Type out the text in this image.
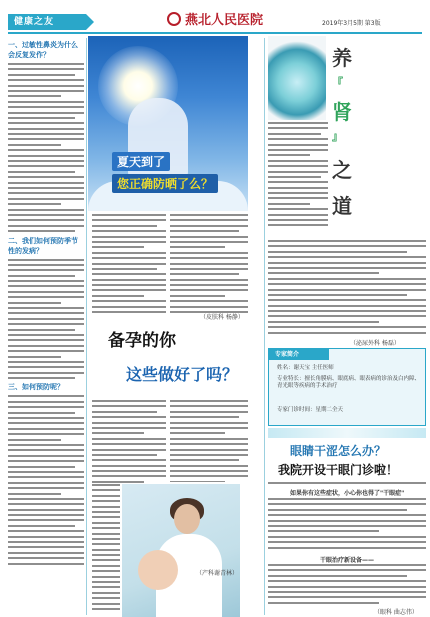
健康之友	燕北人民医院	2019年3月5期 第3版
一、过敏性鼻炎为什么会反复发作？
二、我们如何预防季节性的发病？
三、如何预防呢？
夏天到了
您正确防晒了么？
（皮肤科 杨静）
备孕的你
这些做好了吗？
（产科谢青林）
养
『
肾
』
之
道
（泌尿外科 杨磊）
专家简介
姓名：谢天宝 主任医师
专业特长：擅长角膜病、眼底病、眼表病的诊治及白内障、青光眼等疾病的手术治疗
专家门诊时间：星期二全天
眼睛干涩怎么办？
我院开设干眼门诊啦！
如果你有这些症状，小心你也得了"干眼症"
干眼治疗新设备——
（眼科 曲志伟）
